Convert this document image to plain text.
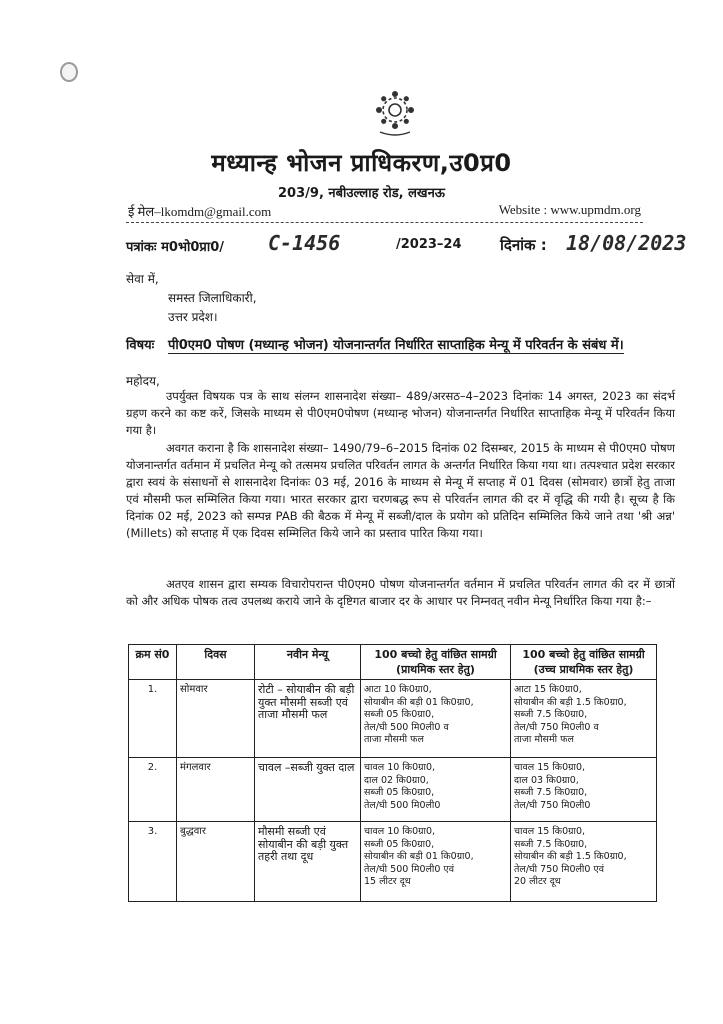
मध्यान्ह भोजन प्राधिकरण,उ0प्र0
203/9, नबीउल्लाह रोड, लखनऊ
ई मेल–lkomdm@gmail.com	Website : www.upmdm.org
पत्रांकः म0भो0प्रा0/ C-1456	/2023–24	दिनांक : 18/08/2023
सेवा में,
समस्त जिलाधिकारी,
उत्तर प्रदेश।
विषयः पी0एम0 पोषण (मध्यान्ह भोजन) योजनान्तर्गत निर्धारित साप्ताहिक मेन्यू में परिवर्तन के संबंध में।
महोदय,
उपर्युक्त विषयक पत्र के साथ संलग्न शासनादेश संख्या– 489/अरसठ–4–2023 दिनांकः 14 अगस्त, 2023 का संदर्भ ग्रहण करने का कष्ट करें, जिसके माध्यम से पी0एम0पोषण (मध्यान्ह भोजन) योजनान्तर्गत निर्धारित साप्ताहिक मेन्यू में परिवर्तन किया गया है।
अवगत कराना है कि शासनादेश संख्या– 1490/79–6–2015 दिनांक 02 दिसम्बर, 2015 के माध्यम से पी0एम0 पोषण योजनान्तर्गत वर्तमान में प्रचलित मेन्यू को तत्समय प्रचलित परिवर्तन लागत के अन्तर्गत निर्धारित किया गया था। तत्पश्चात प्रदेश सरकार द्वारा स्वयं के संसाधनों से शासनादेश दिनांकः 03 मई, 2016 के माध्यम से मेन्यू में सप्ताह में 01 दिवस (सोमवार) छात्रों हेतु ताजा एवं मौसमी फल सम्मिलित किया गया। भारत सरकार द्वारा चरणबद्ध रूप से परिवर्तन लागत की दर में वृद्धि की गयी है। सूच्य है कि दिनांक 02 मई, 2023 को सम्पन्न PAB की बैठक में मेन्यू में सब्जी/दाल के प्रयोग को प्रतिदिन सम्मिलित किये जाने तथा 'श्री अन्न' (Millets) को सप्ताह में एक दिवस सम्मिलित किये जाने का प्रस्ताव पारित किया गया।
अतएव शासन द्वारा सम्यक विचारोपरान्त पी0एम0 पोषण योजनान्तर्गत वर्तमान में प्रचलित परिवर्तन लागत की दर में छात्रों को और अधिक पोषक तत्व उपलब्ध कराये जाने के दृष्टिगत बाजार दर के आधार पर निम्नवत् नवीन मेन्यू निर्धारित किया गया है:–
क्रम सं0	दिवस	नवीन मेन्यू	100 बच्चो हेतु वांछित सामग्री (प्राथमिक स्तर हेतु)	100 बच्चो हेतु वांछित सामग्री (उच्च प्राथमिक स्तर हेतु)
1.	सोमवार	रोटी – सोयाबीन की बड़ी युक्त मौसमी सब्जी एवं ताजा मौसमी फल	आटा 10 कि0ग्रा0,
सोयाबीन की बड़ी 01 कि0ग्रा0,
सब्जी 05 कि0ग्रा0,
तेल/घी 500 मि0ली0 व
ताजा मौसमी फल	आटा 15 कि0ग्रा0,
सोयाबीन की बड़ी 1.5 कि0ग्रा0,
सब्जी 7.5 कि0ग्रा0,
तेल/घी 750 मि0ली0 व
ताजा मौसमी फल

2.	मंगलवार	चावल –सब्जी युक्त दाल	चावल 10 कि0ग्रा0,
दाल 02 कि0ग्रा0,
सब्जी 05 कि0ग्रा0,
तेल/घी 500 मि0ली0	चावल 15 कि0ग्रा0,
दाल 03 कि0ग्रा0,
सब्जी 7.5 कि0ग्रा0,
तेल/घी 750 मि0ली0

3.	बुद्धवार	मौसमी सब्जी एवं सोयाबीन की बड़ी युक्त तहरी तथा दूध	चावल 10 कि0ग्रा0,
सब्जी 05 कि0ग्रा0,
सोयाबीन की बड़ी 01 कि0ग्रा0,
तेल/घी 500 मि0ली0 एवं
15 लीटर दूध	चावल 15 कि0ग्रा0,
सब्जी 7.5 कि0ग्रा0,
सोयाबीन की बड़ी 1.5 कि0ग्रा0,
तेल/घी 750 मि0ली0 एवं
20 लीटर दूध
